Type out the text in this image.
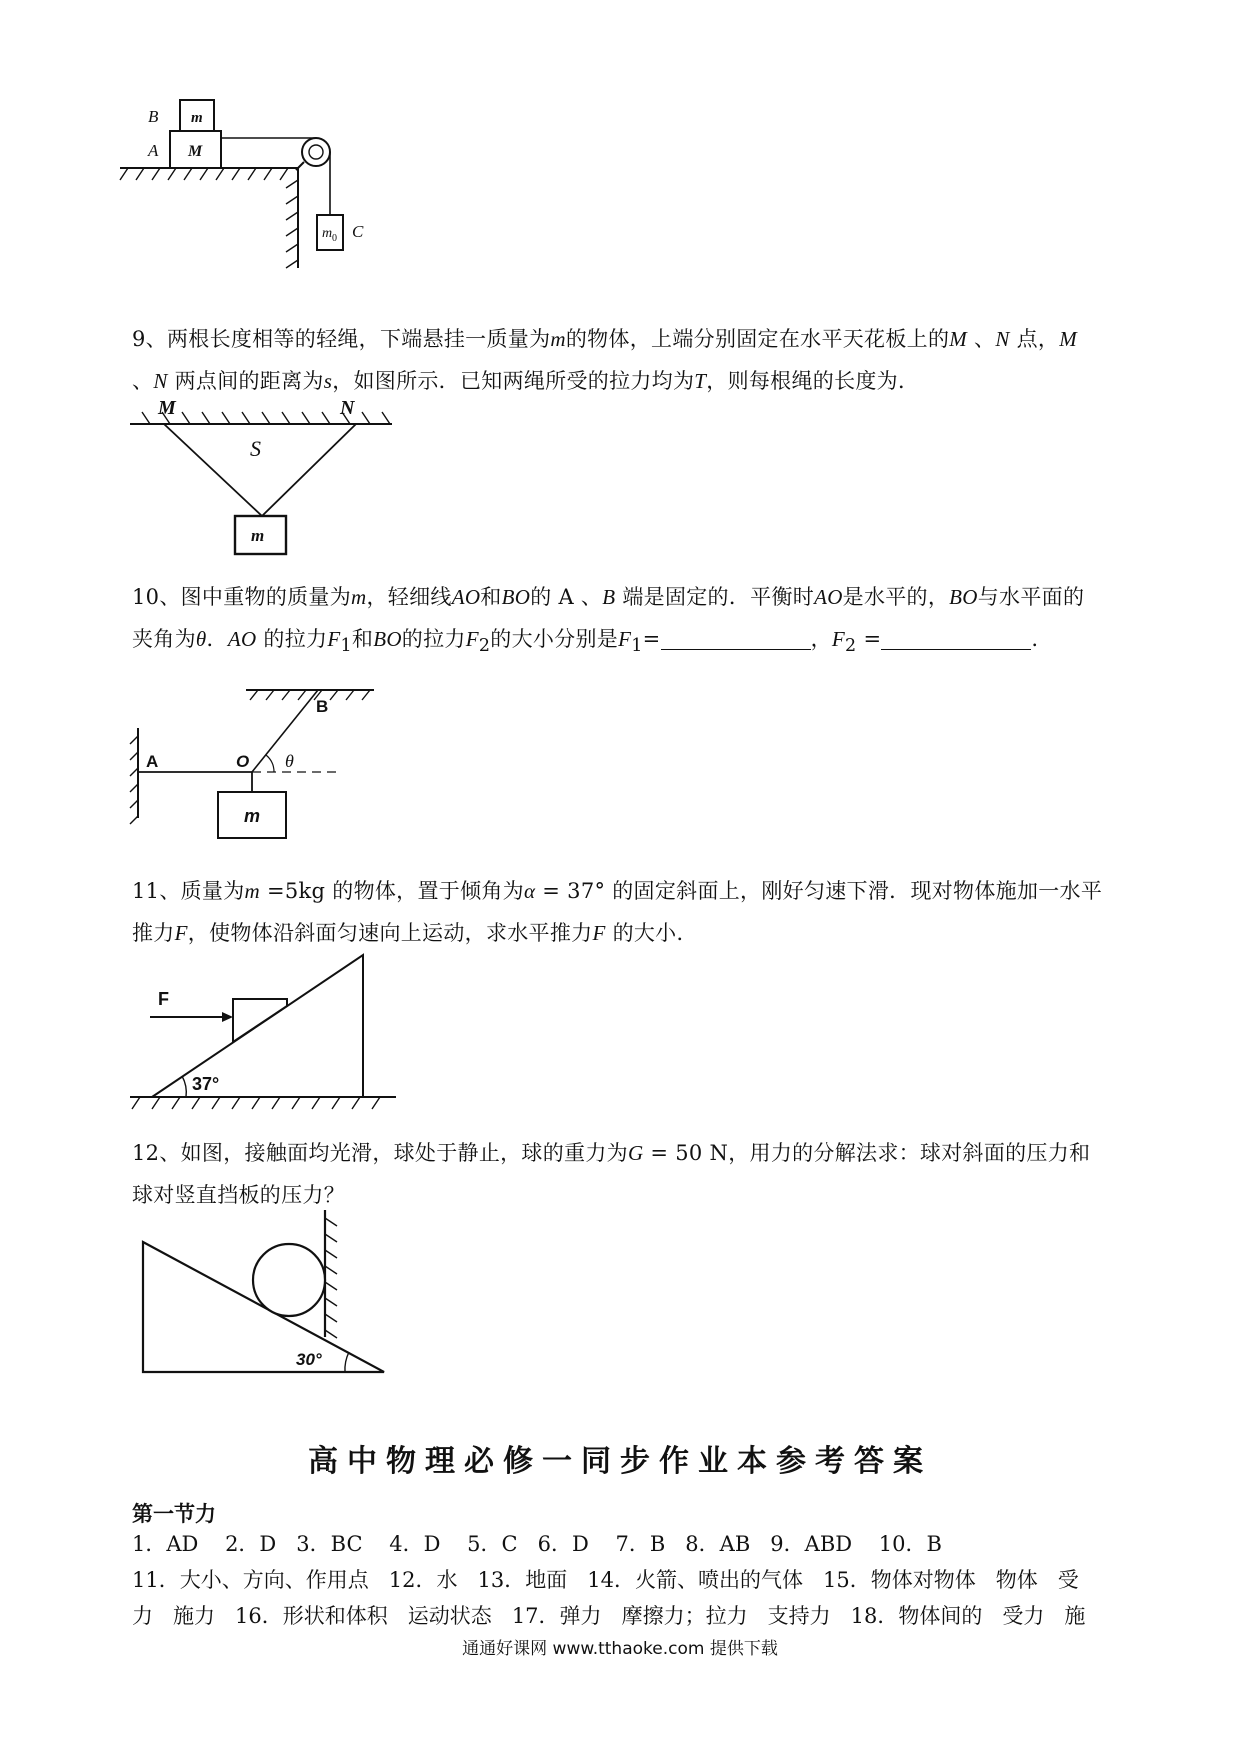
B
A
m
M
m 0 C
9、两根长度相等的轻绳，下端悬挂一质量为m的物体，上端分别固定在水平天花板上的M 、N 点，M 、N 两点间的距离为s，如图所示．已知两绳所受的拉力均为T，则每根绳的长度为．
M	N
S
m
10、图中重物的质量为m，轻细线AO和BO的 A 、B 端是固定的．平衡时AO是水平的，BO与水平面的夹角为θ．AO 的拉力$F_1$和BO的拉力$F_2$的大小分别是$F_1=$	，$F_2$ =	.
A	O
B
θ
m
11、质量为m =5kg 的物体，置于倾角为α = 37° 的固定斜面上，刚好匀速下滑．现对物体施加一水平推力F，使物体沿斜面匀速向上运动，求水平推力F 的大小．
F
37°
12、如图，接触面均光滑，球处于静止，球的重力为G = 50 N，用力的分解法求：球对斜面的压力和球对竖直挡板的压力？
30°
高中物理必修一同步作业本参考答案
第一节力
1．AD    2．D   3．BC    4．D    5．C   6．D    7．B   8．AB   9．ABD    10．B
11．大小、方向、作用点   12．水   13．地面   14．火箭、喷出的气体   15．物体对物体   物体   受
力   施力   16．形状和体积   运动状态   17．弹力   摩擦力；拉力   支持力   18．物体间的   受力   施
通通好课网 www.tthaoke.com 提供下载
